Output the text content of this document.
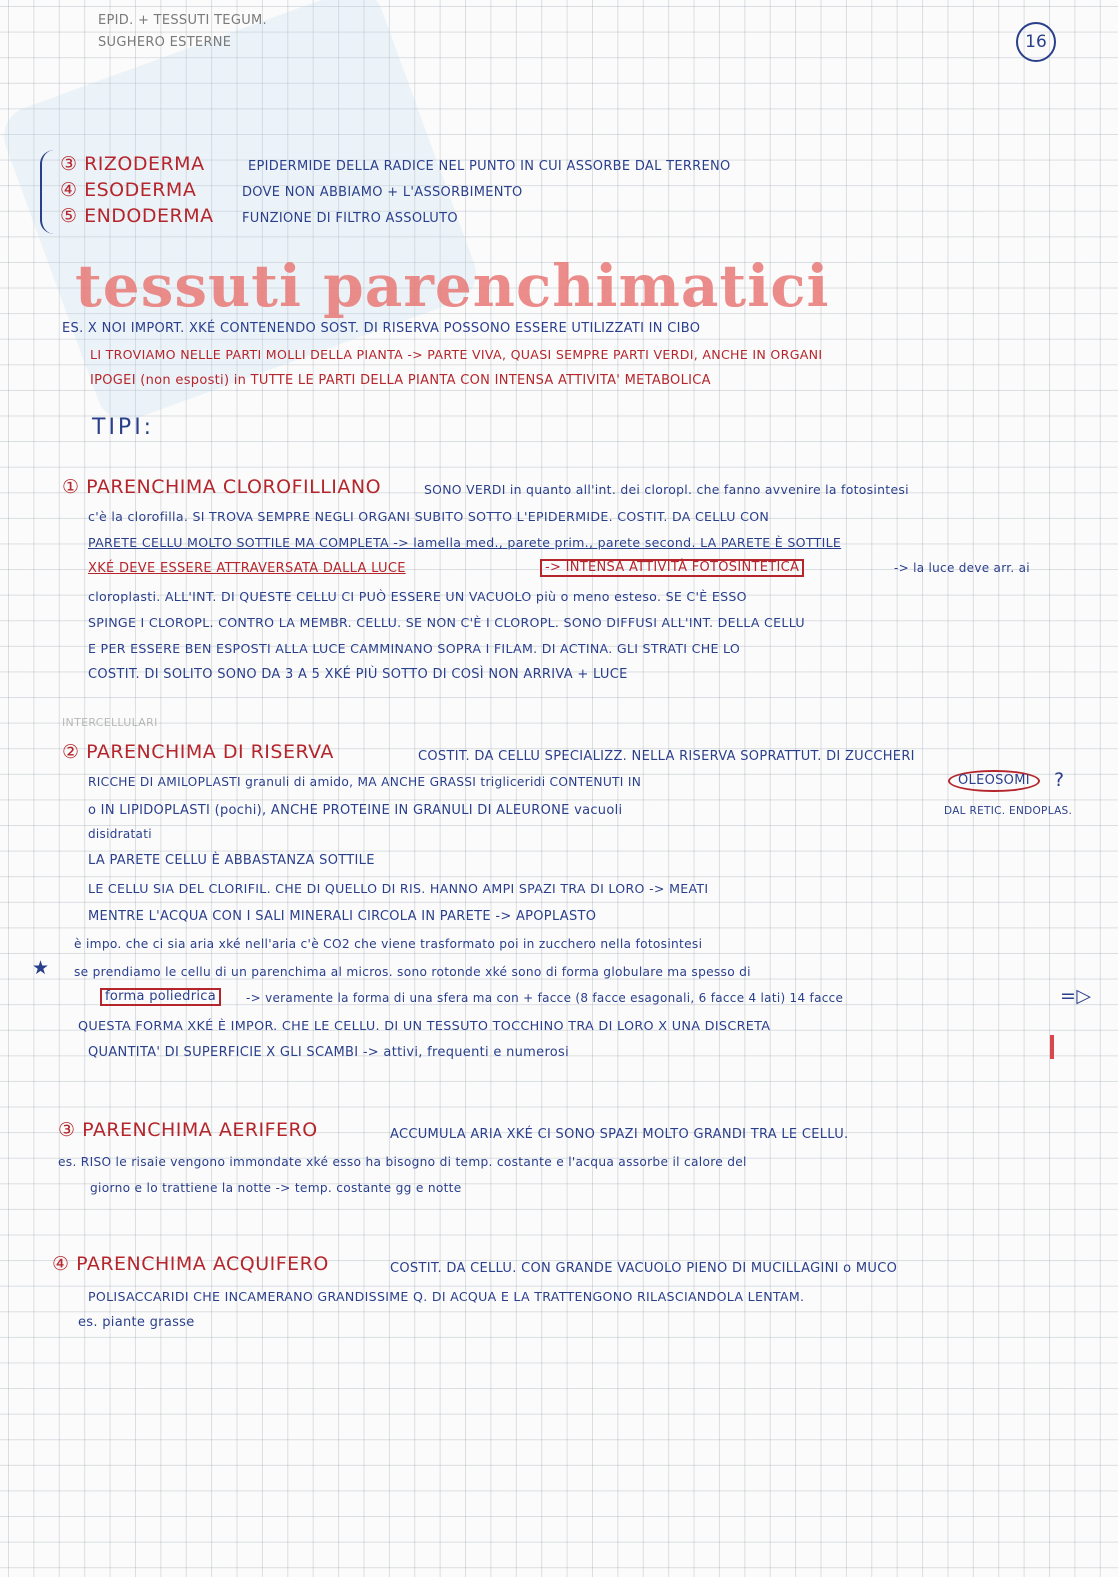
EPID. + TESSUTI TEGUM.
SUGHERO ESTERNE	16
③ RIZODERMA	EPIDERMIDE DELLA RADICE NEL PUNTO IN CUI ASSORBE DAL TERRENO
④ ESODERMA	DOVE NON ABBIAMO + L'ASSORBIMENTO
⑤ ENDODERMA FUNZIONE DI FILTRO ASSOLUTO
tessuti parenchimatici
ES. X NOI IMPORT. XKÉ CONTENENDO SOST. DI RISERVA POSSONO ESSERE UTILIZZATI IN CIBO
LI TROVIAMO NELLE PARTI MOLLI DELLA PIANTA -> PARTE VIVA, QUASI SEMPRE PARTI VERDI, ANCHE IN ORGANI
IPOGEI (non esposti) in TUTTE LE PARTI DELLA PIANTA CON INTENSA ATTIVITA' METABOLICA
TIPI:
① PARENCHIMA CLOROFILLIANO	SONO VERDI in quanto all'int. dei cloropl. che fanno avvenire la fotosintesi
c'è la clorofilla. SI TROVA SEMPRE NEGLI ORGANI SUBITO SOTTO L'EPIDERMIDE. COSTIT. DA CELLU CON
PARETE CELLU MOLTO SOTTILE MA COMPLETA -> lamella med., parete prim., parete second. LA PARETE È SOTTILE
XKÉ DEVE ESSERE ATTRAVERSATA DALLA LUCE	-> INTENSA ATTIVITÀ FOTOSINTETICA	-> la luce deve arr. ai
cloroplasti. ALL'INT. DI QUESTE CELLU CI PUÒ ESSERE UN VACUOLO più o meno esteso. SE C'È ESSO
SPINGE I CLOROPL. CONTRO LA MEMBR. CELLU. SE NON C'È I CLOROPL. SONO DIFFUSI ALL'INT. DELLA CELLU
E PER ESSERE BEN ESPOSTI ALLA LUCE CAMMINANO SOPRA I FILAM. DI ACTINA. GLI STRATI CHE LO
COSTIT. DI SOLITO SONO DA 3 A 5 XKÉ PIÙ SOTTO DI COSÌ NON ARRIVA + LUCE
INTERCELLULARI
② PARENCHIMA DI RISERVA	COSTIT. DA CELLU SPECIALIZZ. NELLA RISERVA SOPRATTUT. DI ZUCCHERI
RICCHE DI AMILOPLASTI granuli di amido, MA ANCHE GRASSI trigliceridi CONTENUTI IN	OLEOSOMI	?
DAL RETIC. ENDOPLAS.
o IN LIPIDOPLASTI (pochi), ANCHE PROTEINE IN GRANULI DI ALEURONE vacuoli
disidratati
LA PARETE CELLU È ABBASTANZA SOTTILE
LE CELLU SIA DEL CLORIFIL. CHE DI QUELLO DI RIS. HANNO AMPI SPAZI TRA DI LORO -> MEATI
MENTRE L'ACQUA CON I SALI MINERALI CIRCOLA IN PARETE -> APOPLASTO
è impo. che ci sia aria xké nell'aria c'è CO2 che viene trasformato poi in zucchero nella fotosintesi
★ se prendiamo le cellu di un parenchima al micros. sono rotonde xké sono di forma globulare ma spesso di
forma poliedrica	-> veramente la forma di una sfera ma con + facce (8 facce esagonali, 6 facce 4 lati) 14 facce	=▷
QUESTA FORMA XKÉ È IMPOR. CHE LE CELLU. DI UN TESSUTO TOCCHINO TRA DI LORO X UNA DISCRETA
QUANTITA' DI SUPERFICIE X GLI SCAMBI -> attivi, frequenti e numerosi
③ PARENCHIMA AERIFERO	ACCUMULA ARIA XKÉ CI SONO SPAZI MOLTO GRANDI TRA LE CELLU.
es. RISO le risaie vengono immondate xké esso ha bisogno di temp. costante e l'acqua assorbe il calore del
giorno e lo trattiene la notte -> temp. costante gg e notte
④ PARENCHIMA ACQUIFERO	COSTIT. DA CELLU. CON GRANDE VACUOLO PIENO DI MUCILLAGINI o MUCO
POLISACCARIDI CHE INCAMERANO GRANDISSIME Q. DI ACQUA E LA TRATTENGONO RILASCIANDOLA LENTAM.
es. piante grasse
